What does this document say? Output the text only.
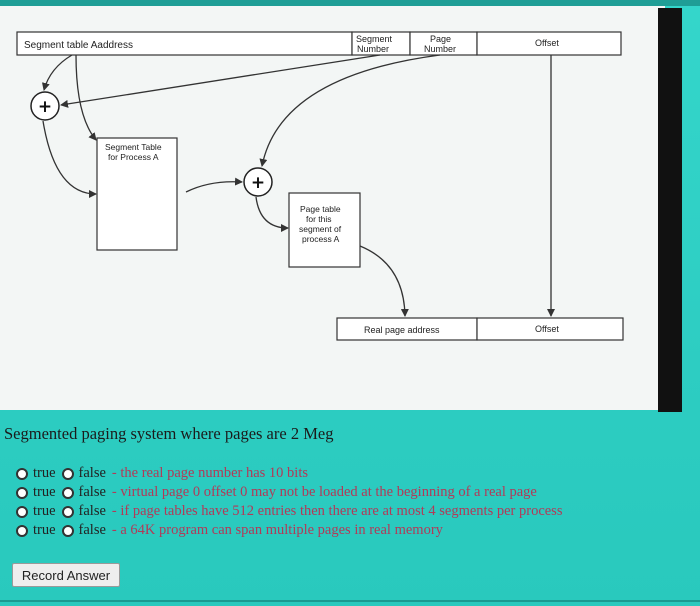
Segment table Aaddress
Segment
Number
Page
Number
Offset
+
Segment Table
for Process A
+
Page table
for this
segment of
process A
Real page address	Offset
Segmented paging system where pages are 2 Meg
true false - the real page number has 10 bits
true false - virtual page 0 offset 0 may not be loaded at the beginning of a real page
true false - if page tables have 512 entries then there are at most 4 segments per process
true false - a 64K program can span multiple pages in real memory
Record Answer
